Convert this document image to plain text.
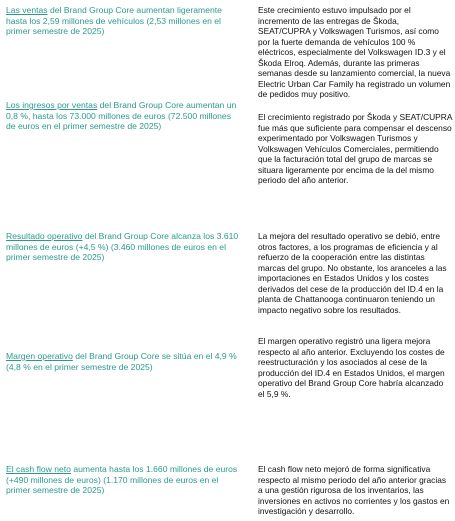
Las ventas del Brand Group Core aumentan ligeramente hasta los 2,59 millones de vehículos (2,53 millones en el primer semestre de 2025)
Este crecimiento estuvo impulsado por el incremento de las entregas de Škoda, SEAT/CUPRA y Volkswagen Turismos, así como por la fuerte demanda de vehículos 100 % eléctricos, especialmente del Volkswagen ID.3 y el Škoda Elroq. Además, durante las primeras semanas desde su lanzamiento comercial, la nueva Electric Urban Car Family ha registrado un volumen de pedidos muy positivo.
Los ingresos por ventas del Brand Group Core aumentan un 0,8 %, hasta los 73.000 millones de euros (72.500 millones de euros en el primer semestre de 2025)
El crecimiento registrado por Škoda y SEAT/CUPRA fue más que suficiente para compensar el descenso experimentado por Volkswagen Turismos y Volkswagen Vehículos Comerciales, permitiendo que la facturación total del grupo de marcas se situara ligeramente por encima de la del mismo periodo del año anterior.
Resultado operativo del Brand Group Core alcanza los 3.610 millones de euros (+4,5 %) (3.460 millones de euros en el primer semestre de 2025)
La mejora del resultado operativo se debió, entre otros factores, a los programas de eficiencia y al refuerzo de la cooperación entre las distintas marcas del grupo. No obstante, los aranceles a las importaciones en Estados Unidos y los costes derivados del cese de la producción del ID.4 en la planta de Chattanooga continuaron teniendo un impacto negativo sobre los resultados.
Margen operativo del Brand Group Core se sitúa en el 4,9 % (4,8 % en el primer semestre de 2025)
El margen operativo registró una ligera mejora respecto al año anterior. Excluyendo los costes de reestructuración y los asociados al cese de la producción del ID.4 en Estados Unidos, el margen operativo del Brand Group Core habría alcanzado el 5,9 %.
El cash flow neto aumenta hasta los 1.660 millones de euros (+490 millones de euros) (1.170 millones de euros en el primer semestre de 2025)
El cash flow neto mejoró de forma significativa respecto al mismo periodo del año anterior gracias a una gestión rigurosa de los inventarios, las inversiones en activos no corrientes y los gastos en investigación y desarrollo.
